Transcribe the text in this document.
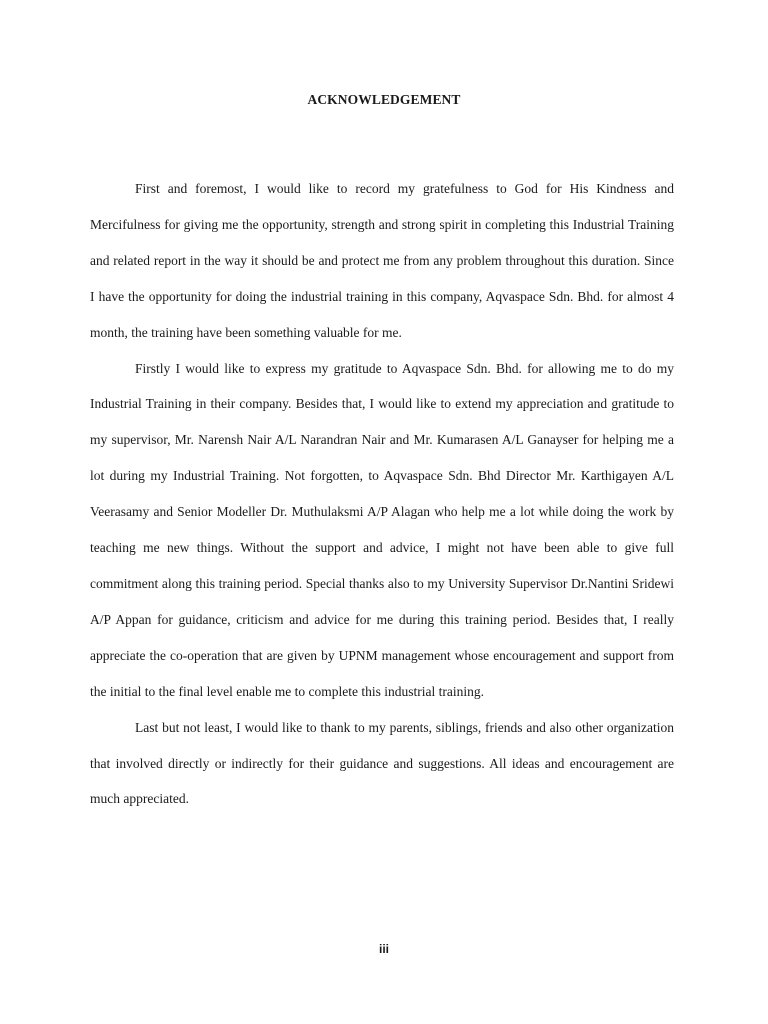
ACKNOWLEDGEMENT

First and foremost, I would like to record my gratefulness to God for His Kindness and Mercifulness for giving me the opportunity, strength and strong spirit in completing this Industrial Training and related report in the way it should be and protect me from any problem throughout this duration. Since I have the opportunity for doing the industrial training in this company, Aqvaspace Sdn. Bhd. for almost 4 month, the training have been something valuable for me.

Firstly I would like to express my gratitude to Aqvaspace Sdn. Bhd. for allowing me to do my Industrial Training in their company. Besides that, I would like to extend my appreciation and gratitude to my supervisor, Mr. Narensh Nair A/L Narandran Nair and Mr. Kumarasen A/L Ganayser for helping me a lot during my Industrial Training. Not forgotten, to Aqvaspace Sdn. Bhd Director Mr. Karthigayen A/L Veerasamy and Senior Modeller Dr. Muthulaksmi A/P Alagan who help me a lot while doing the work by teaching me new things. Without the support and advice, I might not have been able to give full commitment along this training period. Special thanks also to my University Supervisor Dr.Nantini Sridewi A/P Appan for guidance, criticism and advice for me during this training period. Besides that, I really appreciate the co-operation that are given by UPNM management whose encouragement and support from the initial to the final level enable me to complete this industrial training.

Last but not least, I would like to thank to my parents, siblings, friends and also other organization that involved directly or indirectly for their guidance and suggestions. All ideas and encouragement are much appreciated.

iii
